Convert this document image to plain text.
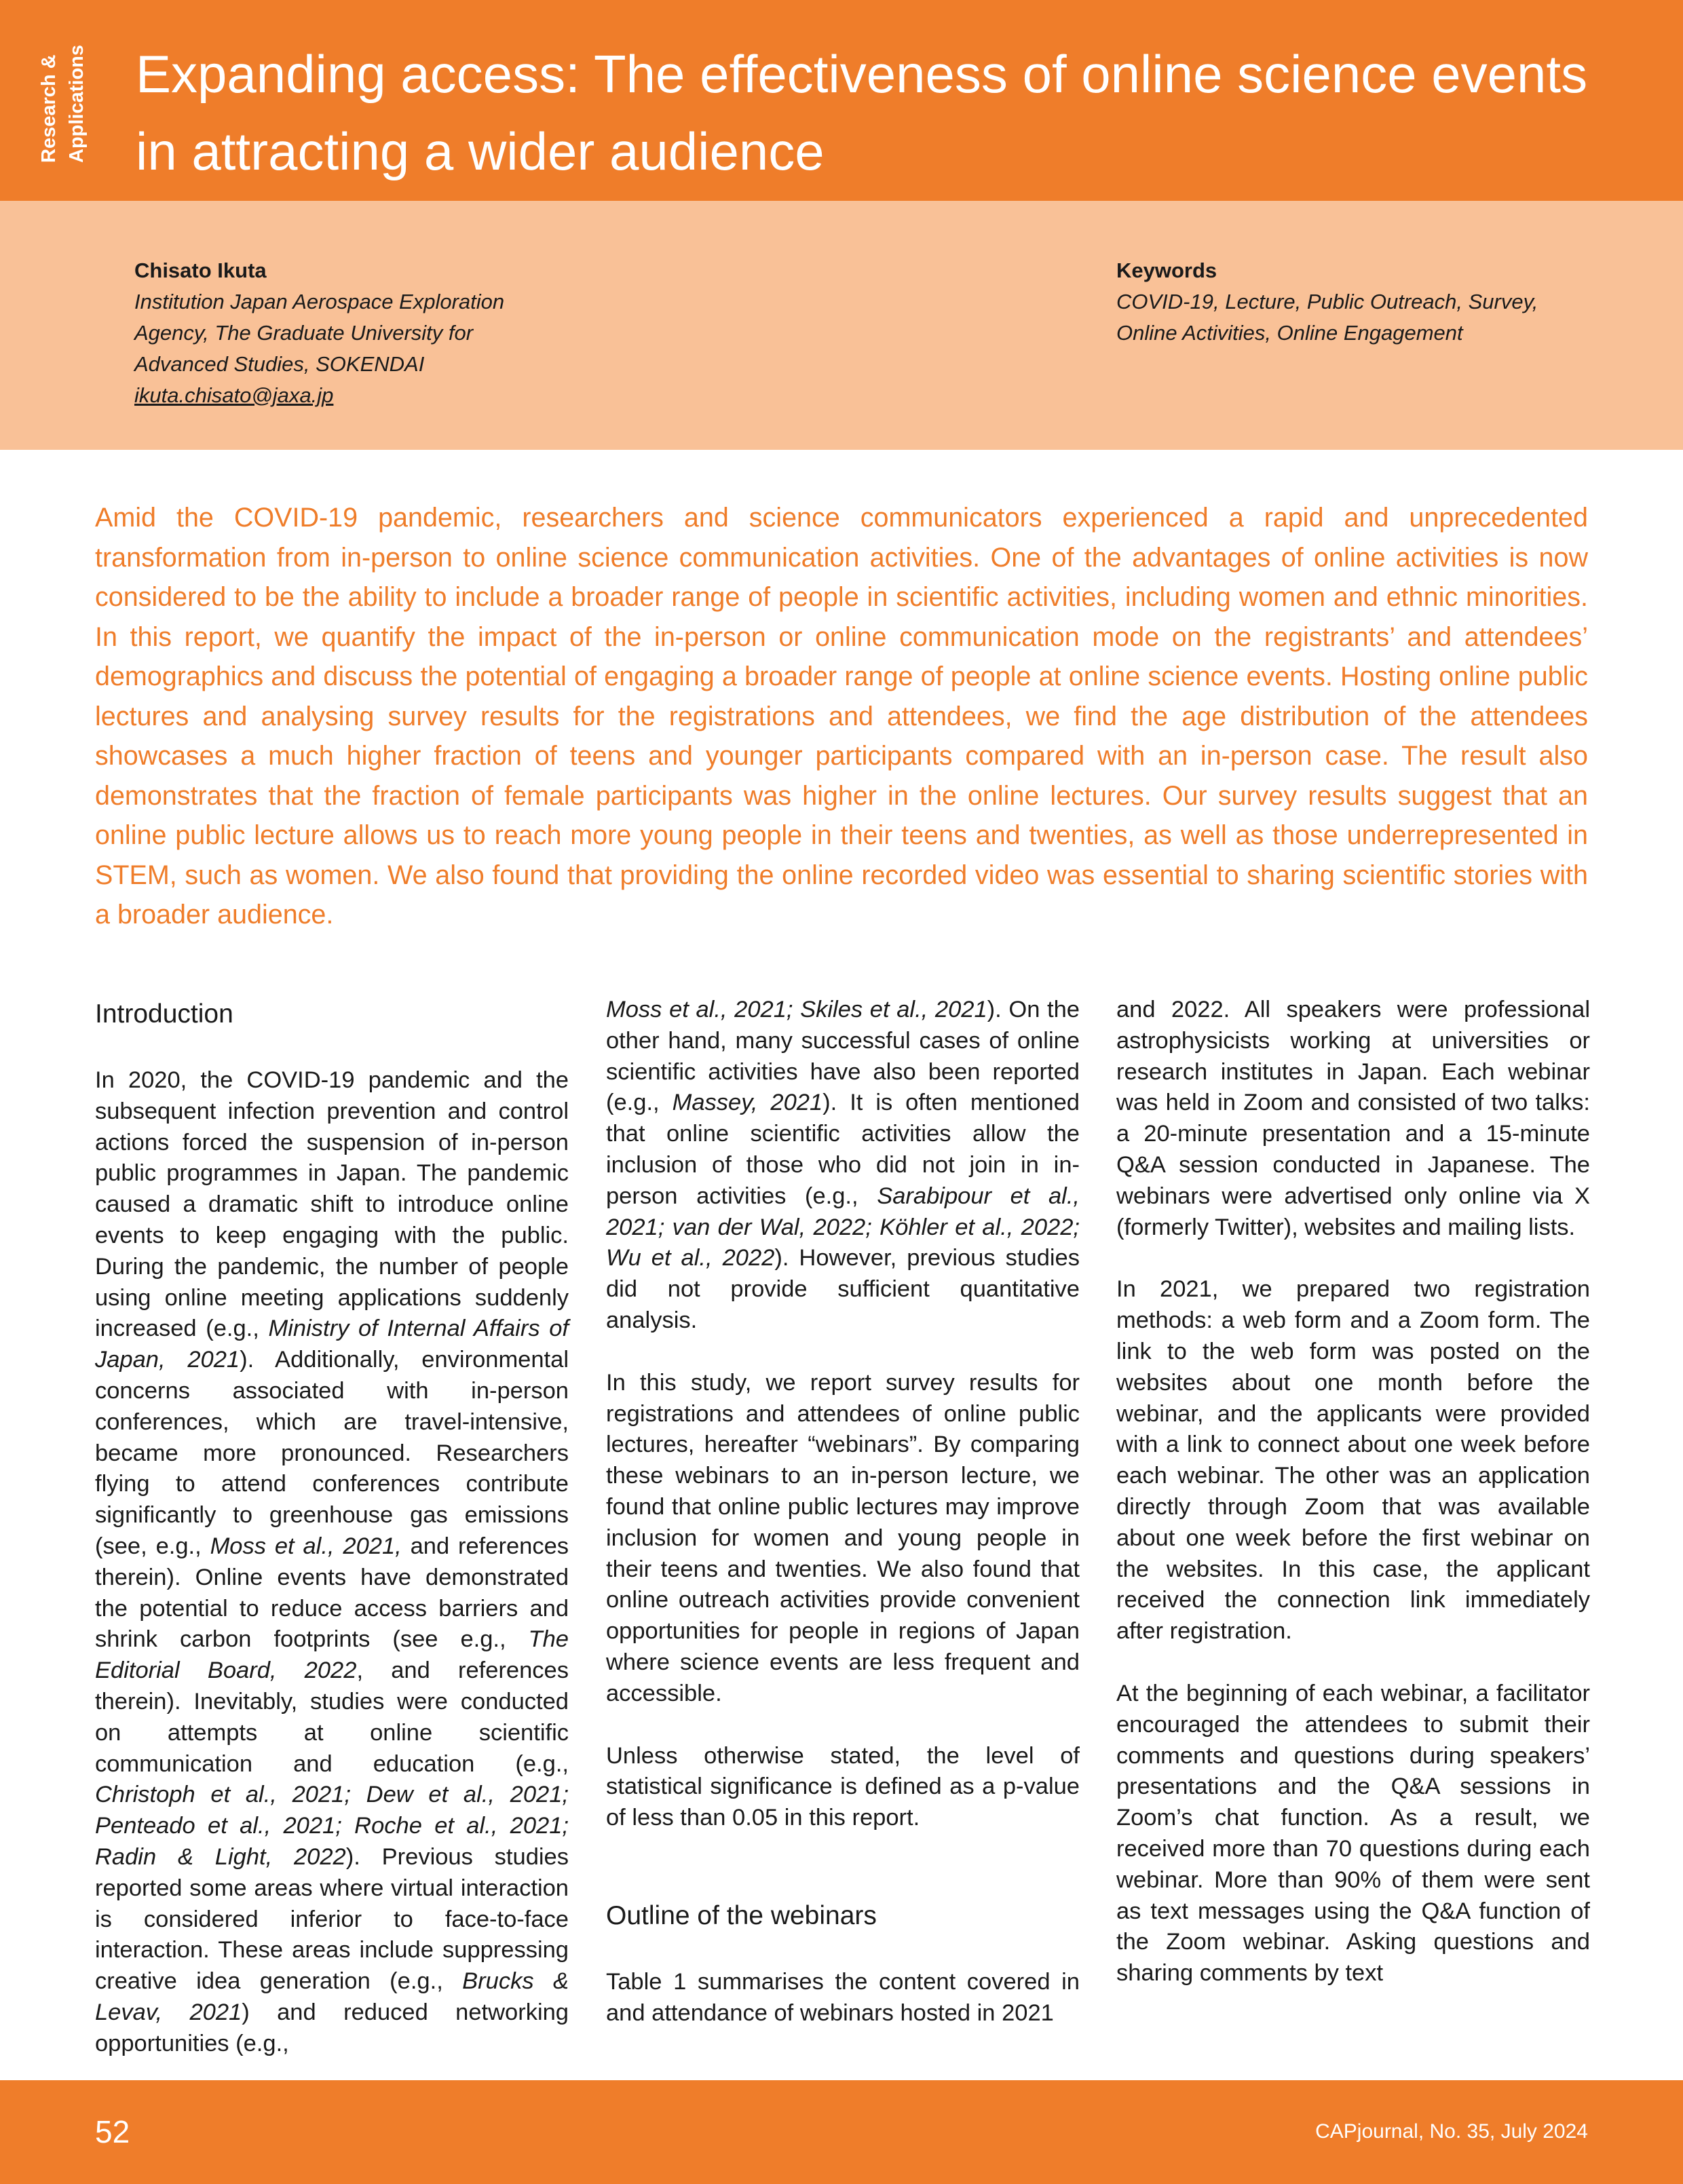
Research & Applications Expanding access: The effectiveness of online science events in attracting a wider audience
Chisato Ikuta
Institution Japan Aerospace Exploration
Agency, The Graduate University for
Advanced Studies, SOKENDAI
ikuta.chisato@jaxa.jp
Keywords
COVID-19, Lecture, Public Outreach, Survey,
Online Activities, Online Engagement

Amid the COVID-19 pandemic, researchers and science communicators experienced a rapid and unprecedented transformation from in-person to online science communication activities. One of the advantages of online activities is now considered to be the ability to include a broader range of people in scientific activities, including women and ethnic minorities. In this report, we quantify the impact of the in-person or online communication mode on the registrants’ and attendees’ demographics and discuss the potential of engaging a broader range of people at online science events. Hosting online public lectures and analysing survey results for the registrations and attendees, we find the age distribution of the attendees showcases a much higher fraction of teens and younger participants compared with an in-person case. The result also demonstrates that the fraction of female participants was higher in the online lectures. Our survey results suggest that an online public lecture allows us to reach more young people in their teens and twenties, as well as those underrepresented in STEM, such as women. We also found that providing the online recorded video was essential to sharing scientific stories with a broader audience.

Introduction

In 2020, the COVID-19 pandemic and the subsequent infection prevention and control actions forced the suspension of in-person public programmes in Japan. The pandemic caused a dramatic shift to introduce online events to keep engaging with the public. During the pandemic, the number of people using online meeting applications suddenly increased (e.g., Ministry of Internal Affairs of Japan, 2021). Additionally, environmental concerns associated with in-person conferences, which are travel-intensive, became more pronounced. Researchers flying to attend conferences contribute significantly to greenhouse gas emissions (see, e.g., Moss et al., 2021, and references therein). Online events have demonstrated the potential to reduce access barriers and shrink carbon footprints (see e.g., The Editorial Board, 2022, and references therein). Inevitably, studies were conducted on attempts at online scientific communication and education (e.g., Christoph et al., 2021; Dew et al., 2021; Penteado et al., 2021; Roche et al., 2021; Radin & Light, 2022). Previous studies reported some areas where virtual interaction is considered inferior to face-to-face interaction. These areas include suppressing creative idea generation (e.g., Brucks & Levav, 2021) and reduced networking opportunities (e.g.,

Moss et al., 2021; Skiles et al., 2021). On the other hand, many successful cases of online scientific activities have also been reported (e.g., Massey, 2021). It is often mentioned that online scientific activities allow the inclusion of those who did not join in in-person activities (e.g., Sarabipour et al., 2021; van der Wal, 2022; Köhler et al., 2022; Wu et al., 2022). However, previous studies did not provide sufficient quantitative analysis.

In this study, we report survey results for registrations and attendees of online public lectures, hereafter “webinars”. By comparing these webinars to an in-person lecture, we found that online public lectures may improve inclusion for women and young people in their teens and twenties. We also found that online outreach activities provide convenient opportunities for people in regions of Japan where science events are less frequent and accessible.

Unless otherwise stated, the level of statistical significance is defined as a p-value of less than 0.05 in this report.

Outline of the webinars

Table 1 summarises the content covered in and attendance of webinars hosted in 2021

and 2022. All speakers were professional astrophysicists working at universities or research institutes in Japan. Each webinar was held in Zoom and consisted of two talks: a 20-minute presentation and a 15-minute Q&A session conducted in Japanese. The webinars were advertised only online via X (formerly Twitter), websites and mailing lists.

In 2021, we prepared two registration methods: a web form and a Zoom form. The link to the web form was posted on the websites about one month before the webinar, and the applicants were provided with a link to connect about one week before each webinar. The other was an application directly through Zoom that was available about one week before the first webinar on the websites. In this case, the applicant received the connection link immediately after registration.

At the beginning of each webinar, a facilitator encouraged the attendees to submit their comments and questions during speakers’ presentations and the Q&A sessions in Zoom’s chat function. As a result, we received more than 70 questions during each webinar. More than 90% of them were sent as text messages using the Q&A function of the Zoom webinar. Asking questions and sharing comments by text

52	CAPjournal, No. 35, July 2024
